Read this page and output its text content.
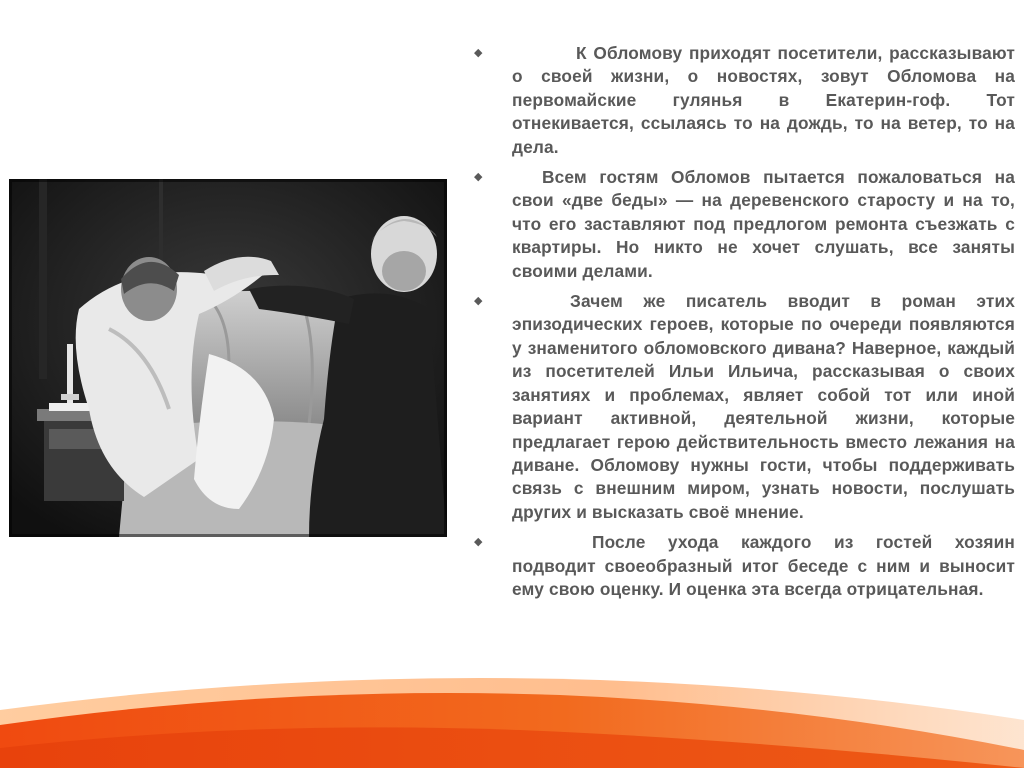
◆	К Обломову приходят посетители, рассказывают о своей жизни, о новостях, зовут Обломова на первомайские гулянья в Екатерин-гоф. Тот отнекивается, ссылаясь то на дождь, то на ветер, то на дела.
◆	Всем гостям Обломов пытается пожаловаться на свои «две беды» — на деревенского старосту и на то, что его заставляют под предлогом ремонта съезжать с квартиры. Но никто не хочет слушать, все заняты своими делами.
◆	Зачем же писатель вводит в роман этих эпизодических героев, которые по очереди появляются у знаменитого обломовского дивана? Наверное, каждый из посетителей Ильи Ильича, рассказывая о своих занятиях и проблемах, являет собой тот или иной вариант активной, деятельной жизни, которые предлагает герою действительность вместо лежания на диване. Обломову нужны гости, чтобы поддерживать связь с внешним миром, узнать новости, послушать других и высказать своё мнение.
◆	После ухода каждого из гостей хозяин подводит своеобразный итог беседе с ним и выносит ему свою оценку. И оценка эта всегда отрицательная.
